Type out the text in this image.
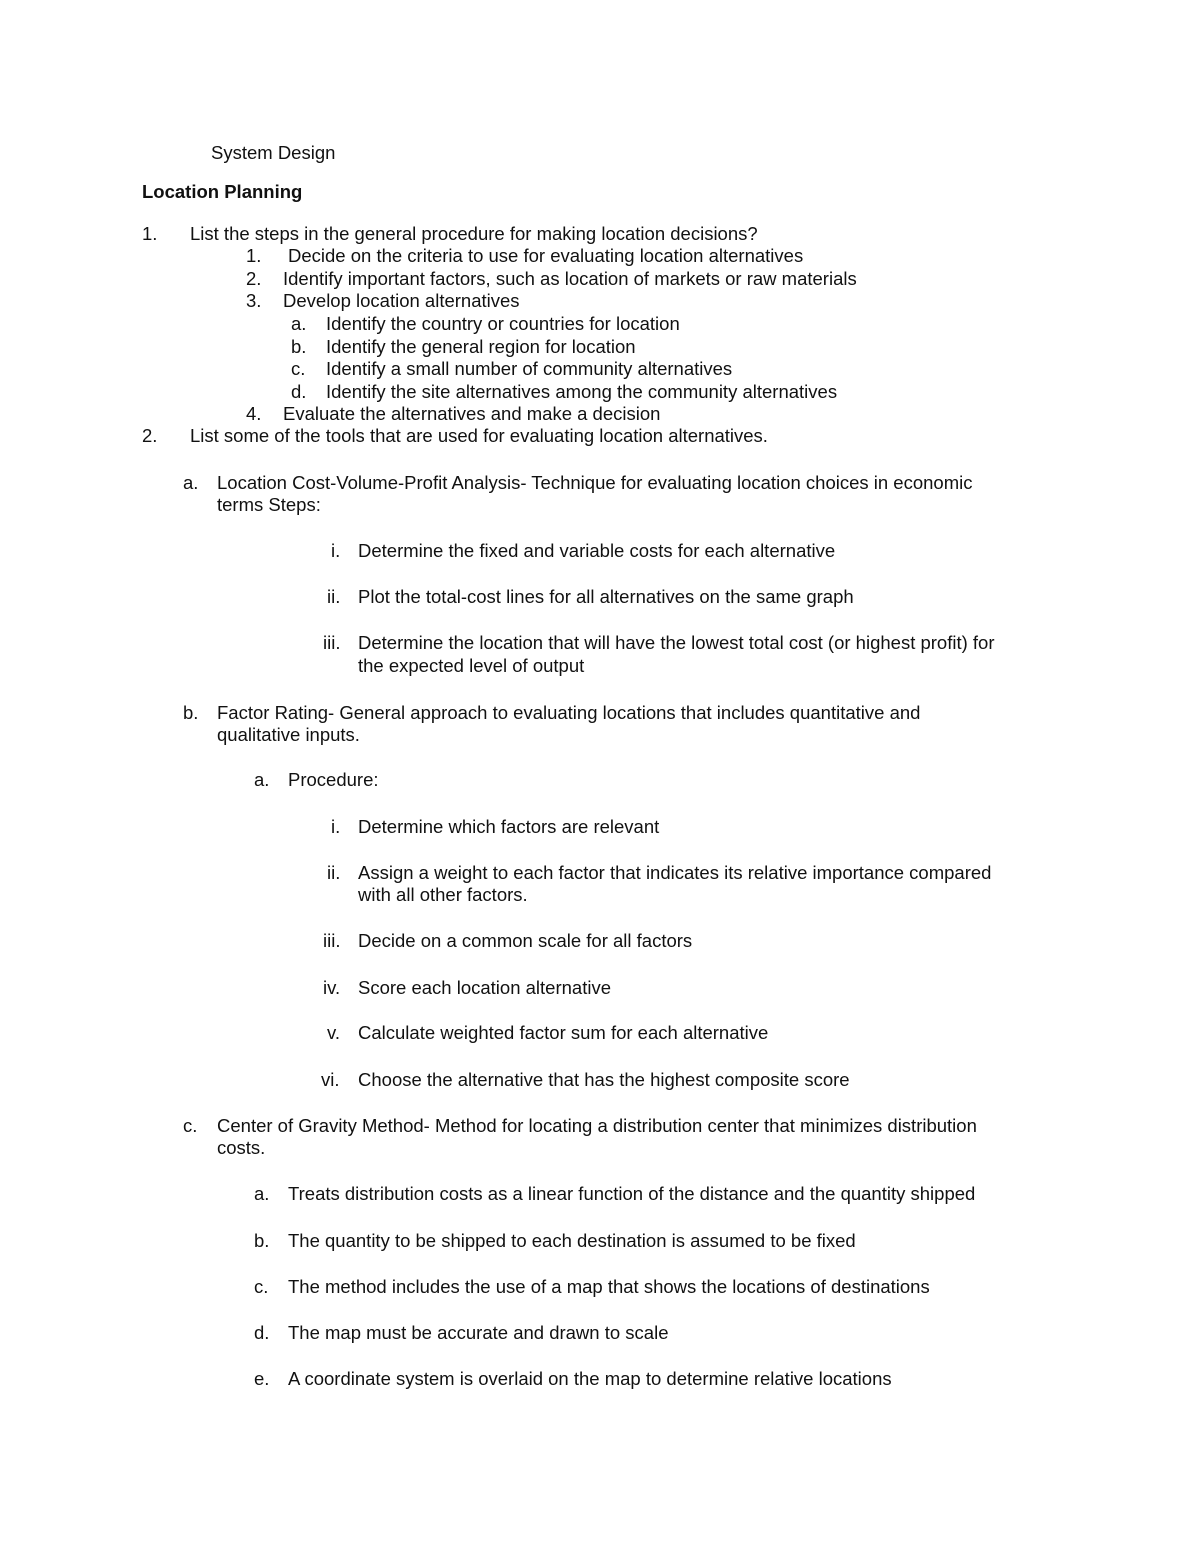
System Design
Location Planning
1. List the steps in the general procedure for making location decisions?
1. Decide on the criteria to use for evaluating location alternatives
2. Identify important factors, such as location of markets or raw materials
3. Develop location alternatives
a. Identify the country or countries for location
b. Identify the general region for location
c. Identify a small number of community alternatives
d. Identify the site alternatives among the community alternatives
4. Evaluate the alternatives and make a decision
2. List some of the tools that are used for evaluating location alternatives.
a. Location Cost-Volume-Profit Analysis- Technique for evaluating location choices in economic
terms Steps:
i. Determine the fixed and variable costs for each alternative
ii. Plot the total-cost lines for all alternatives on the same graph
iii. Determine the location that will have the lowest total cost (or highest profit) for
the expected level of output
b. Factor Rating- General approach to evaluating locations that includes quantitative and
qualitative inputs.
a. Procedure:
i. Determine which factors are relevant
ii. Assign a weight to each factor that indicates its relative importance compared
with all other factors.
iii. Decide on a common scale for all factors
iv. Score each location alternative
v. Calculate weighted factor sum for each alternative
vi. Choose the alternative that has the highest composite score
c. Center of Gravity Method- Method for locating a distribution center that minimizes distribution
costs.
a. Treats distribution costs as a linear function of the distance and the quantity shipped
b. The quantity to be shipped to each destination is assumed to be fixed
c. The method includes the use of a map that shows the locations of destinations
d. The map must be accurate and drawn to scale
e. A coordinate system is overlaid on the map to determine relative locations
